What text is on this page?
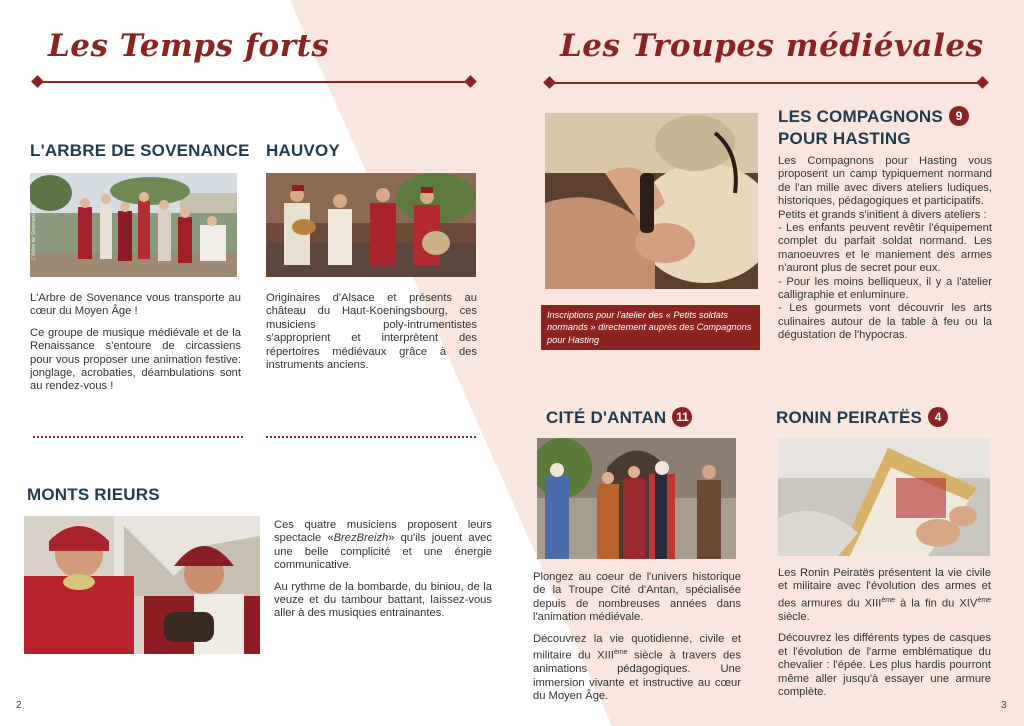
Les Temps forts
L'ARBRE DE SOVENANCE
L'Arbre de Sovenance ©

L'Arbre de Sovenance vous transporte au cœur du Moyen Âge !

Ce groupe de musique médiévale et de la Renaissance s'entoure de circassiens pour vous proposer une animation festive: jonglage, acrobaties, déambulations sont au rendez-vous !

HAUVOY

Originaires d'Alsace et présents au château du Haut-Koeningsbourg, ces musiciens poly-intrumentistes s'approprient et interprètent des répertoires médiévaux grâce à des instruments anciens.

MONTS RIEURS

Ces quatre musiciens proposent leurs spectacle «BrezBreizh» qu'ils jouent avec une belle complicité et une énergie communicative.

Au rythme de la bombarde, du biniou, de la veuze et du tambour battant, laissez-vous aller à des musiques entrainantes.

2
Les Troupes médiévales
Inscriptions pour l'atelier des « Petits soldats normands » directement auprès des Compagnons pour Hasting
LES COMPAGNONS 9
POUR HASTING
Les Compagnons pour Hasting vous proposent un camp typiquement normand de l'an mille avec divers ateliers ludiques, historiques, pédagogiques et participatifs.
Petits et grands s'initient à divers ateliers :
- Les enfants peuvent revêtir l'équipement complet du parfait soldat normand. Les manoeuvres et le maniement des armes n'auront plus de secret pour eux.
- Pour les moins belliqueux, il y a l'atelier calligraphie et enluminure.
- Les gourmets vont découvrir les arts culinaires autour de la table à feu ou la dégustation de l'hypocras.
CITÉ D'ANTAN 11

Plongez au coeur de l'univers historique de la Troupe Cité d'Antan, spécialisée depuis de nombreuses années dans l'animation médiévale.

Découvrez la vie quotidienne, civile et militaire du XIIIème siècle à travers des animations pédagogiques. Une immersion vivante et instructive au cœur du Moyen Âge.

RONIN PEIRATËS 4

Les Ronin Peiratës présentent la vie civile et militaire avec l'évolution des armes et des armures du XIIIème à la fin du XIVème siècle.

Découvrez les différents types de casques et l'évolution de l'arme emblématique du chevalier : l'épée. Les plus hardis pourront même aller jusqu'à essayer une armure complète.

3
